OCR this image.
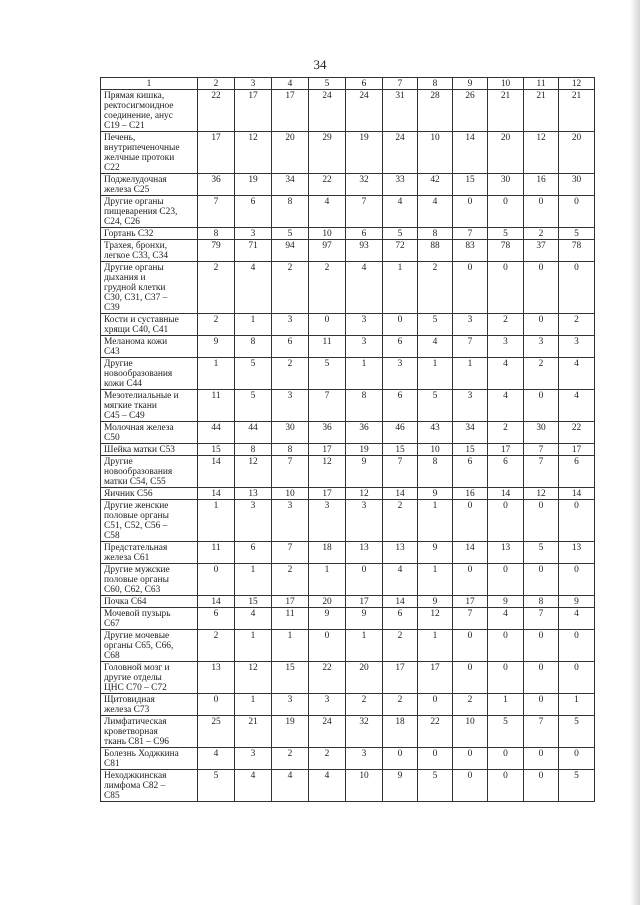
34
1	2	3	4	5	6	7	8	9	10	11	12

Прямая кишка,
ректосигмоидное
соединение, анус
С19 – С21	22	17	17	24	24	31	28	26	21	21	21

Печень,
внутрипеченочные
желчные протоки
С22	17	12	20	29	19	24	10	14	20	12	20

Поджелудочная
железа С25	36	19	34	22	32	33	42	15	30	16	30

Другие органы
пищеварения С23,
С24, С26	7	6	8	4	7	4	4	0	0	0	0

Гортань С32	8	3	5	10	6	5	8	7	5	2	5

Трахея, бронхи,
легкое С33, С34	79	71	94	97	93	72	88	83	78	37	78

Другие органы
дыхания и
грудной клетки
С30, С31, С37 –
С39	2	4	2	2	4	1	2	0	0	0	0

Кости и суставные
хрящи С40, С41	2	1	3	0	3	0	5	3	2	0	2

Меланома кожи
С43	9	8	6	11	3	6	4	7	3	3	3

Другие
новообразования
кожи С44	1	5	2	5	1	3	1	1	4	2	4

Мезотелиальные и
мягкие ткани
С45 – С49	11	5	3	7	8	6	5	3	4	0	4

Молочная железа
С50	44	44	30	36	36	46	43	34	2	30	22

Шейка матки С53	15	8	8	17	19	15	10	15	17	7	17

Другие
новообразования
матки С54, С55	14	12	7	12	9	7	8	6	6	7	6

Яичник С56	14	13	10	17	12	14	9	16	14	12	14

Другие женские
половые органы
С51, С52, С56 –
С58	1	3	3	3	3	2	1	0	0	0	0

Предстательная
железа С61	11	6	7	18	13	13	9	14	13	5	13

Другие мужские
половые органы
С60, С62, С63	0	1	2	1	0	4	1	0	0	0	0

Почка С64	14	15	17	20	17	14	9	17	9	8	9

Мочевой пузырь
С67	6	4	11	9	9	6	12	7	4	7	4

Другие мочевые
органы С65, С66,
С68	2	1	1	0	1	2	1	0	0	0	0

Головной мозг и
другие отделы
ЦНС С70 – С72	13	12	15	22	20	17	17	0	0	0	0

Щитовидная
железа С73	0	1	3	3	2	2	0	2	1	0	1

Лимфатическая
кроветворная
ткань С81 – С96	25	21	19	24	32	18	22	10	5	7	5

Болезнь Ходжкина
С81	4	3	2	2	3	0	0	0	0	0	0

Неходжкинская
лимфома С82 –
С85	5	4	4	4	10	9	5	0	0	0	5
